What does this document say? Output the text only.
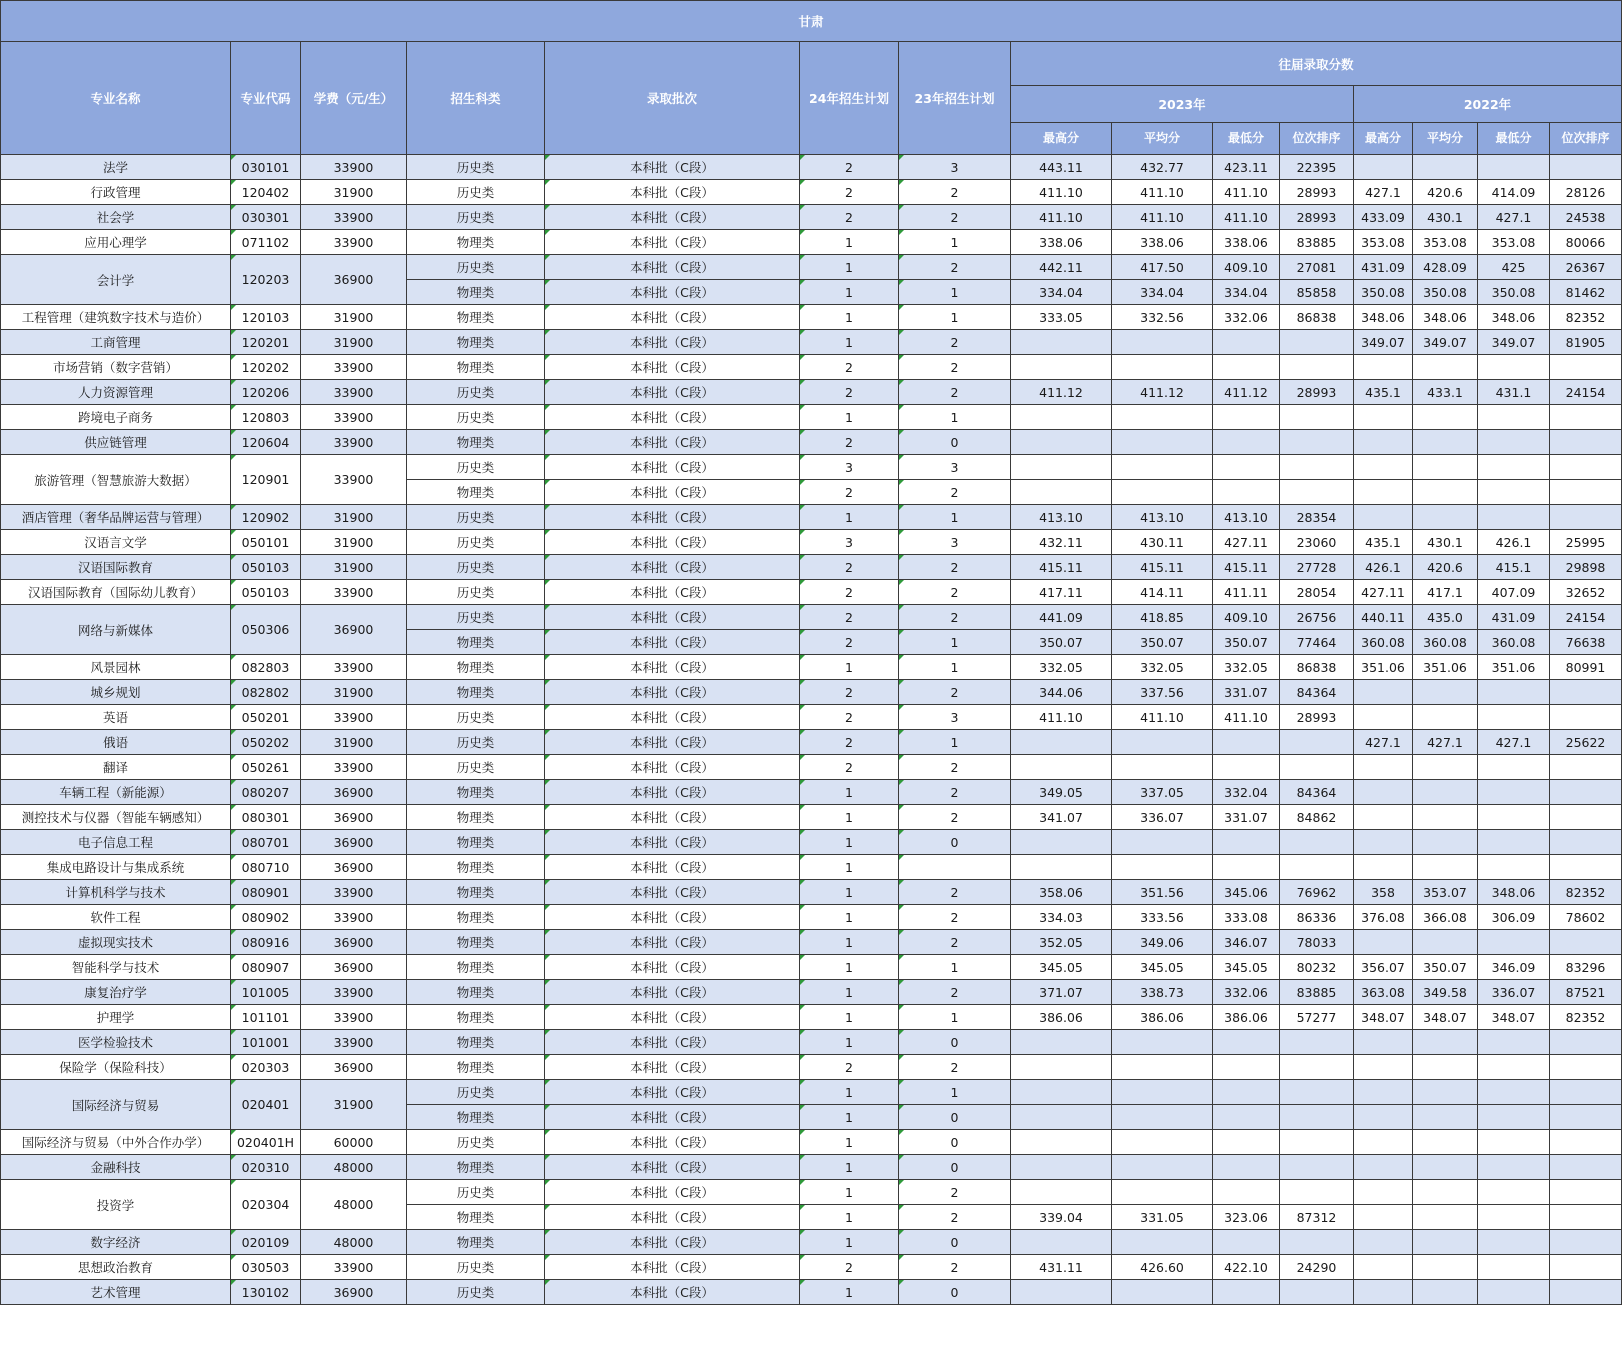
甘肃														
专业名称	专业代码	学费（元/生）	招生科类	录取批次	24年招生计划	23年招生计划	往届录取分数							
							2023年				2022年			
							最高分	平均分	最低分	位次排序	最高分	平均分	最低分	位次排序
法学	030101	33900	历史类	本科批（C段）	2	3	443.11	432.77	423.11	22395				
行政管理	120402	31900	历史类	本科批（C段）	2	2	411.10	411.10	411.10	28993	427.1	420.6	414.09	28126
社会学	030301	33900	历史类	本科批（C段）	2	2	411.10	411.10	411.10	28993	433.09	430.1	427.1	24538
应用心理学	071102	33900	物理类	本科批（C段）	1	1	338.06	338.06	338.06	83885	353.08	353.08	353.08	80066
会计学	120203	36900	历史类	本科批（C段）	1	2	442.11	417.50	409.10	27081	431.09	428.09	425	26367
			物理类	本科批（C段）	1	1	334.04	334.04	334.04	85858	350.08	350.08	350.08	81462
工程管理（建筑数字技术与造价）	120103	31900	物理类	本科批（C段）	1	1	333.05	332.56	332.06	86838	348.06	348.06	348.06	82352
工商管理	120201	31900	物理类	本科批（C段）	1	2					349.07	349.07	349.07	81905
市场营销（数字营销）	120202	33900	物理类	本科批（C段）	2	2								
人力资源管理	120206	33900	历史类	本科批（C段）	2	2	411.12	411.12	411.12	28993	435.1	433.1	431.1	24154
跨境电子商务	120803	33900	历史类	本科批（C段）	1	1								
供应链管理	120604	33900	物理类	本科批（C段）	2	0								
旅游管理（智慧旅游大数据）	120901	33900	历史类	本科批（C段）	3	3								
			物理类	本科批（C段）	2	2								
酒店管理（奢华品牌运营与管理）	120902	31900	历史类	本科批（C段）	1	1	413.10	413.10	413.10	28354				
汉语言文学	050101	31900	历史类	本科批（C段）	3	3	432.11	430.11	427.11	23060	435.1	430.1	426.1	25995
汉语国际教育	050103	31900	历史类	本科批（C段）	2	2	415.11	415.11	415.11	27728	426.1	420.6	415.1	29898
汉语国际教育（国际幼儿教育）	050103	33900	历史类	本科批（C段）	2	2	417.11	414.11	411.11	28054	427.11	417.1	407.09	32652
网络与新媒体	050306	36900	历史类	本科批（C段）	2	2	441.09	418.85	409.10	26756	440.11	435.0	431.09	24154
			物理类	本科批（C段）	2	1	350.07	350.07	350.07	77464	360.08	360.08	360.08	76638
风景园林	082803	33900	物理类	本科批（C段）	1	1	332.05	332.05	332.05	86838	351.06	351.06	351.06	80991
城乡规划	082802	31900	物理类	本科批（C段）	2	2	344.06	337.56	331.07	84364				
英语	050201	33900	历史类	本科批（C段）	2	3	411.10	411.10	411.10	28993				
俄语	050202	31900	历史类	本科批（C段）	2	1					427.1	427.1	427.1	25622
翻译	050261	33900	历史类	本科批（C段）	2	2								
车辆工程（新能源）	080207	36900	物理类	本科批（C段）	1	2	349.05	337.05	332.04	84364				
测控技术与仪器（智能车辆感知）	080301	36900	物理类	本科批（C段）	1	2	341.07	336.07	331.07	84862				
电子信息工程	080701	36900	物理类	本科批（C段）	1	0								
集成电路设计与集成系统	080710	36900	物理类	本科批（C段）	1									
计算机科学与技术	080901	33900	物理类	本科批（C段）	1	2	358.06	351.56	345.06	76962	358	353.07	348.06	82352
软件工程	080902	33900	物理类	本科批（C段）	1	2	334.03	333.56	333.08	86336	376.08	366.08	306.09	78602
虚拟现实技术	080916	36900	物理类	本科批（C段）	1	2	352.05	349.06	346.07	78033				
智能科学与技术	080907	36900	物理类	本科批（C段）	1	1	345.05	345.05	345.05	80232	356.07	350.07	346.09	83296
康复治疗学	101005	33900	物理类	本科批（C段）	1	2	371.07	338.73	332.06	83885	363.08	349.58	336.07	87521
护理学	101101	33900	物理类	本科批（C段）	1	1	386.06	386.06	386.06	57277	348.07	348.07	348.07	82352
医学检验技术	101001	33900	物理类	本科批（C段）	1	0								
保险学（保险科技）	020303	36900	物理类	本科批（C段）	2	2								
国际经济与贸易	020401	31900	历史类	本科批（C段）	1	1								
			物理类	本科批（C段）	1	0								
国际经济与贸易（中外合作办学）	020401H	60000	历史类	本科批（C段）	1	0								
金融科技	020310	48000	物理类	本科批（C段）	1	0								
投资学	020304	48000	历史类	本科批（C段）	1	2								
			物理类	本科批（C段）	1	2	339.04	331.05	323.06	87312				
数字经济	020109	48000	物理类	本科批（C段）	1	0								
思想政治教育	030503	33900	历史类	本科批（C段）	2	2	431.11	426.60	422.10	24290				
艺术管理	130102	36900	历史类	本科批（C段）	1	0								
